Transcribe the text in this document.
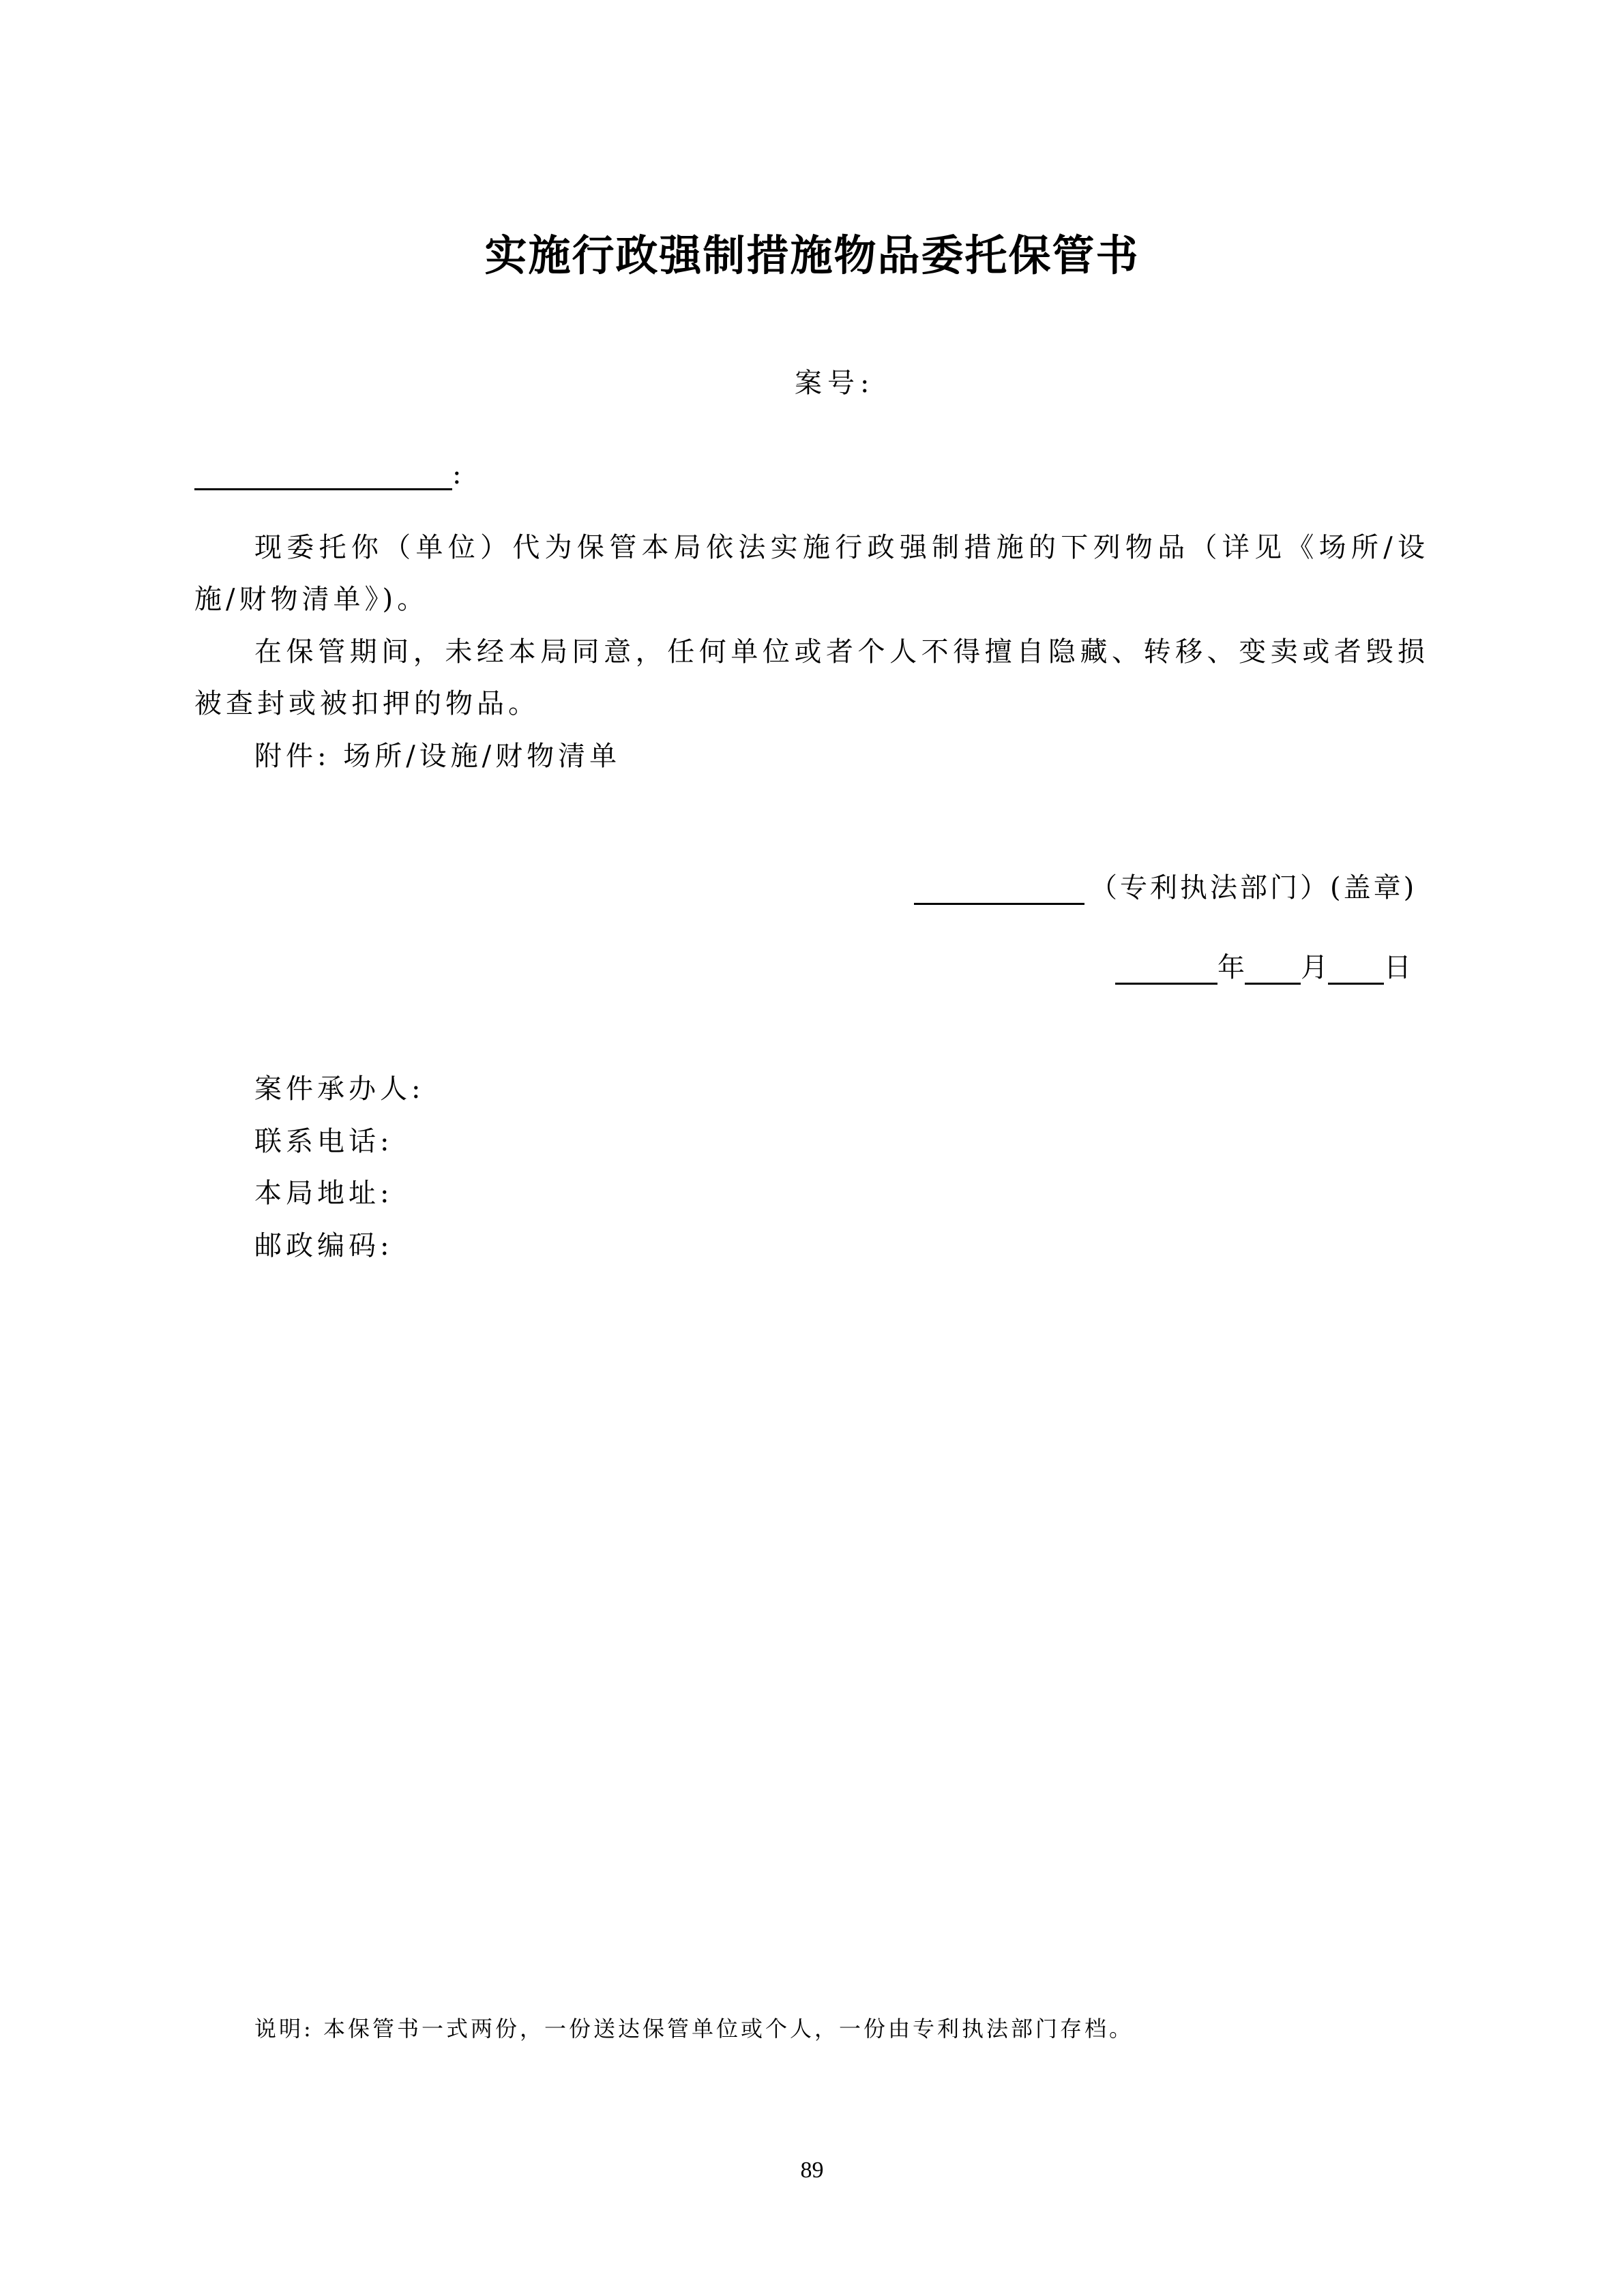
实施行政强制措施物品委托保管书
案号:
:
现委托你（单位）代为保管本局依法实施行政强制措施的下列物品（详见《场所/设施/财物清单》)。
在保管期间，未经本局同意，任何单位或者个人不得擅自隐藏、转移、变卖或者毁损被查封或被扣押的物品。
附件: 场所/设施/财物清单
（专利执法部门）(盖章)
年 月 日
案件承办人:
联系电话:
本局地址:
邮政编码:
说明: 本保管书一式两份，一份送达保管单位或个人，一份由专利执法部门存档。
89
